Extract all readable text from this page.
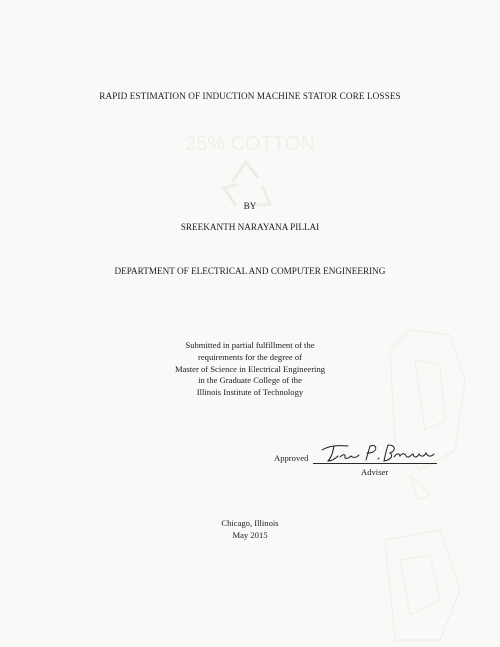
25% COTTON
RAPID ESTIMATION OF INDUCTION MACHINE STATOR CORE LOSSES
BY
SREEKANTH NARAYANA PILLAI
DEPARTMENT OF ELECTRICAL AND COMPUTER ENGINEERING
Submitted in partial fulfillment of the
requirements for the degree of
Master of Science in Electrical Engineering
in the Graduate College of the
Illinois Institute of Technology
Approved
Adviser
Chicago, Illinois
May 2015
